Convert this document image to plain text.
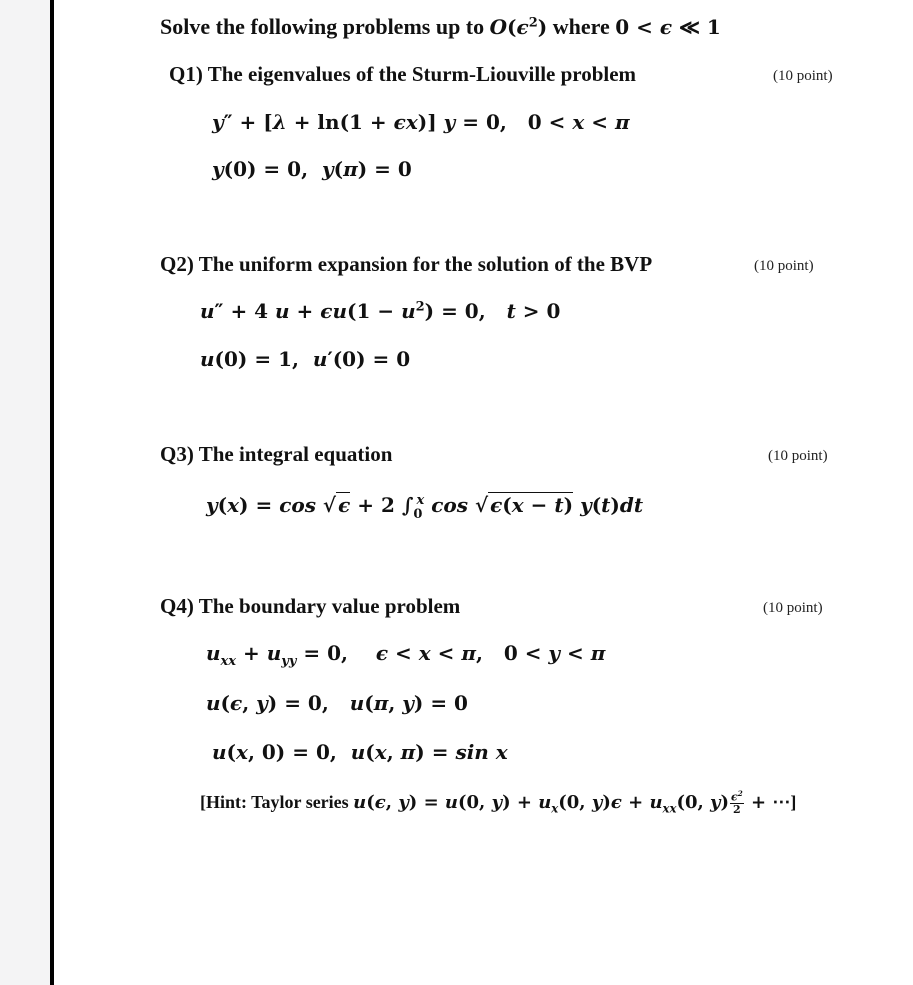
Solve the following problems up to $O(\epsilon^2)$ where 0 < ϵ ≪ 1
Q1) The eigenvalues of the Sturm-Liouville problem	(10 point)
y″ + [λ + ln(1 + ϵx)] y = 0,   0 < x < π
y(0) = 0,  y(π) = 0
Q2) The uniform expansion for the solution of the BVP	(10 point)
u″ + 4 $u + \epsilon u(1 - u^2) = 0$,   t > 0
u(0) = 1,  u′(0) = 0
Q3) The integral equation	(10 point)
y(x) = cos √ ϵ + 2 $\int_0^x$ cos √ ϵ(x − t) y(t)dt
Q4) The boundary value problem	(10 point)
$u_{xx} + u_{yy} = 0$,    ϵ < x < π,   0 < y < π
u(ϵ, y) = 0,   u(π, y) = 0
u(x, 0) = 0,  u(x, π) = sin x
[Hint: Taylor series u(ϵ, y) = u(0, $y) + u_x(0$, $y)\epsilon + u_{xx}(0$, $y) \frac{\epsilon^2}{2}$ + ⋯]
